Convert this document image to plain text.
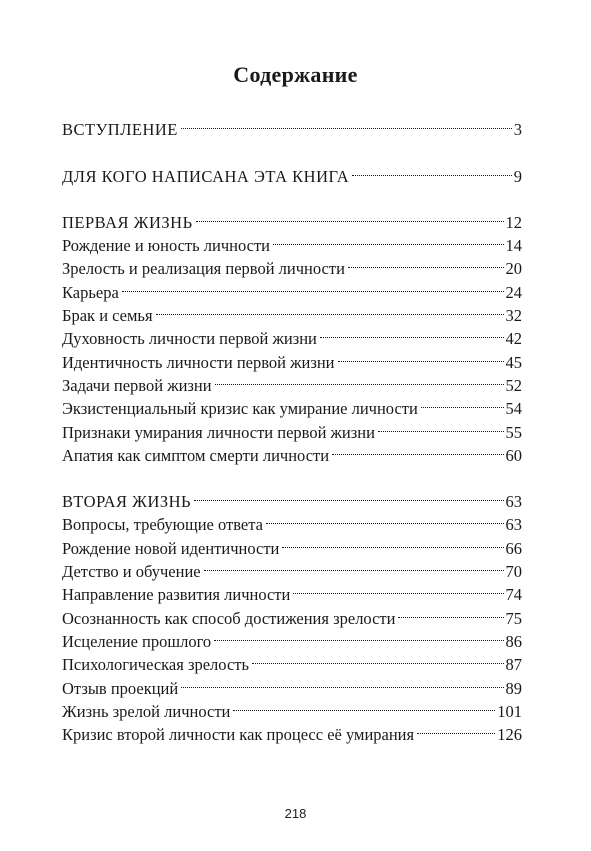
Содержание
ВСТУПЛЕНИЕ	3
ДЛЯ КОГО НАПИСАНА ЭТА КНИГА	9
ПЕРВАЯ ЖИЗНЬ	12
Рождение и юность личности	14
Зрелость и реализация первой личности	20
Карьера	24
Брак и семья	32
Духовность личности первой жизни	42
Идентичность личности первой жизни	45
Задачи первой жизни	52
Экзистенциальный кризис как умирание личности	54
Признаки умирания личности первой жизни	55
Апатия как симптом смерти личности	60
ВТОРАЯ ЖИЗНЬ	63
Вопросы, требующие ответа	63
Рождение новой идентичности	66
Детство и обучение	70
Направление развития личности	74
Осознанность как способ достижения зрелости	75
Исцеление прошлого	86
Психологическая зрелость	87
Отзыв проекций	89
Жизнь зрелой личности	101
Кризис второй личности как процесс её умирания	126
218
